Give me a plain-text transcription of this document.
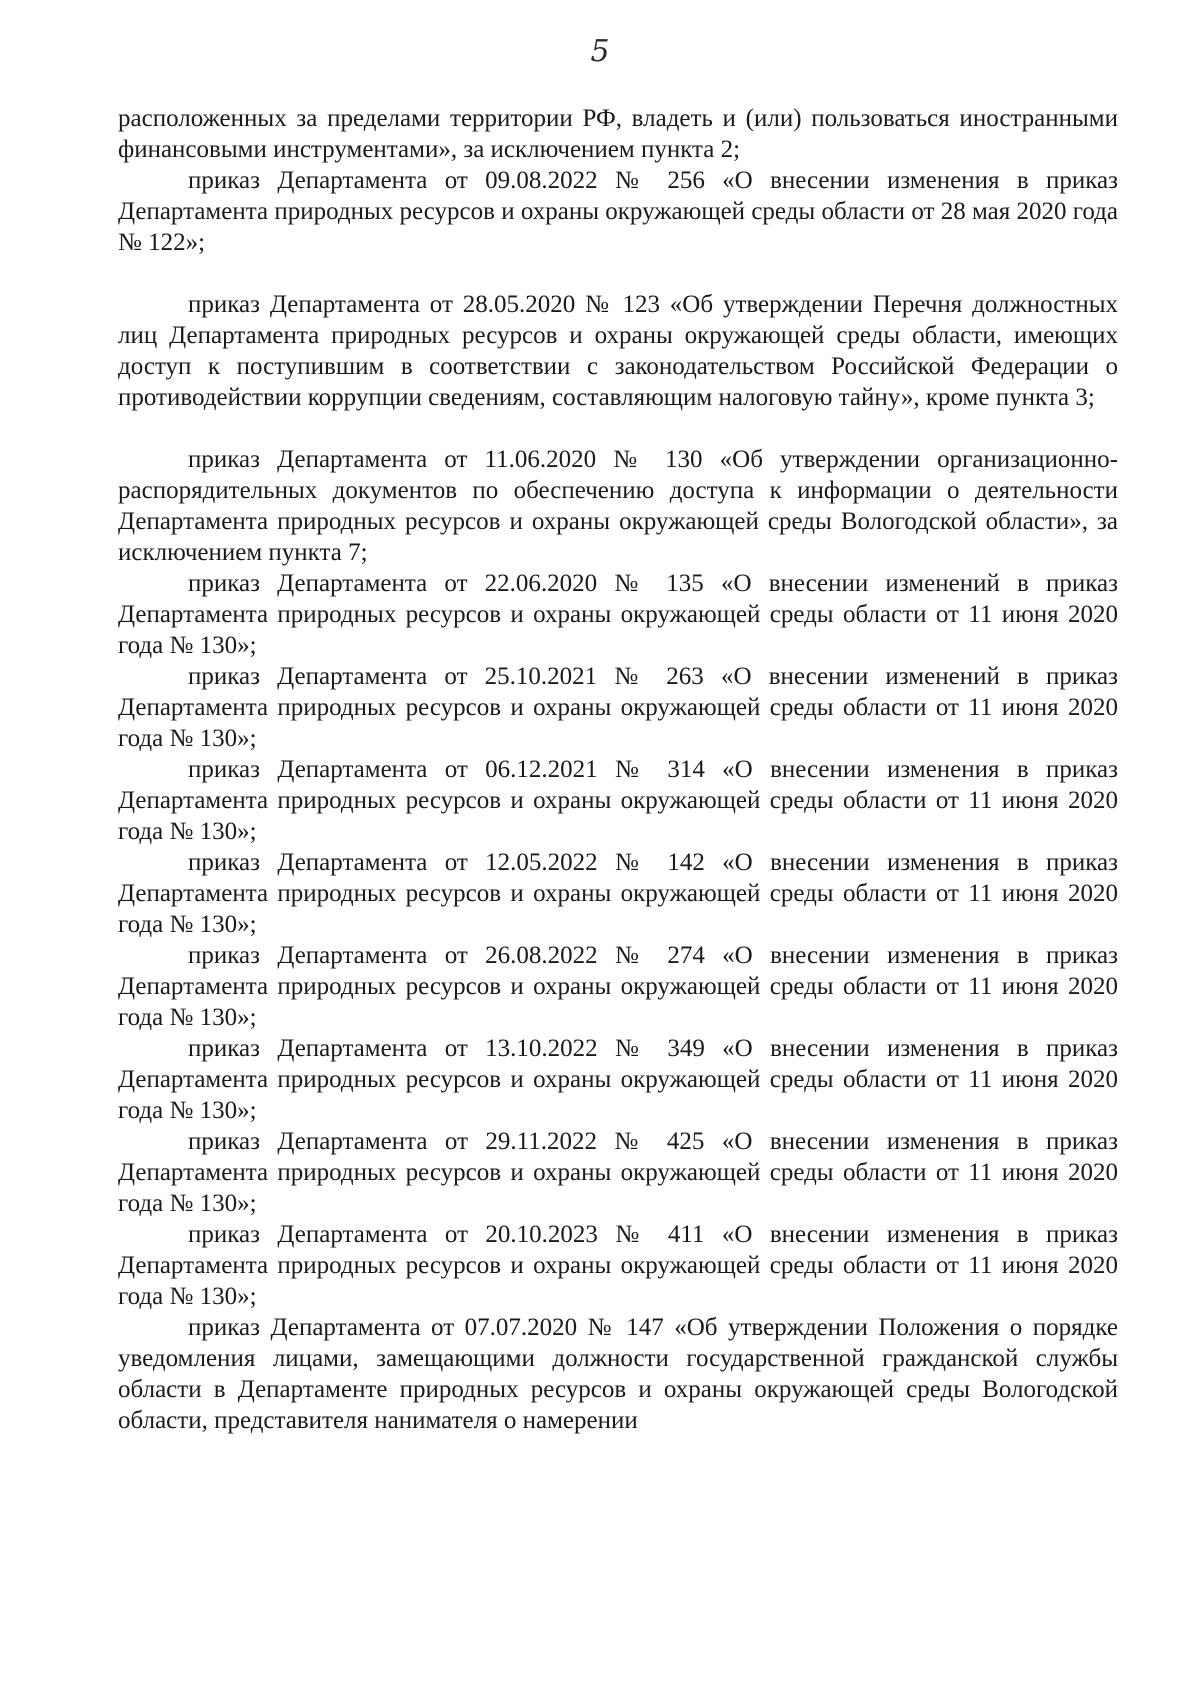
5

расположенных за пределами территории РФ, владеть и (или) пользоваться иностранными финансовыми инструментами», за исключением пункта 2;

приказ Департамента от 09.08.2022 № 256 «О внесении изменения в приказ Департамента природных ресурсов и охраны окружающей среды области от 28 мая 2020 года № 122»;

приказ Департамента от 28.05.2020 № 123 «Об утверждении Перечня должностных лиц Департамента природных ресурсов и охраны окружающей среды области, имеющих доступ к поступившим в соответствии с законодательством Российской Федерации о противодействии коррупции сведениям, составляющим налоговую тайну», кроме пункта 3;

приказ Департамента от 11.06.2020 № 130 «Об утверждении организационно-распорядительных документов по обеспечению доступа к информации о деятельности Департамента природных ресурсов и охраны окружающей среды Вологодской области», за исключением пункта 7;

приказ Департамента от 22.06.2020 № 135 «О внесении изменений в приказ Департамента природных ресурсов и охраны окружающей среды области от 11 июня 2020 года № 130»;

приказ Департамента от 25.10.2021 № 263 «О внесении изменений в приказ Департамента природных ресурсов и охраны окружающей среды области от 11 июня 2020 года № 130»;

приказ Департамента от 06.12.2021 № 314 «О внесении изменения в приказ Департамента природных ресурсов и охраны окружающей среды области от 11 июня 2020 года № 130»;

приказ Департамента от 12.05.2022 № 142 «О внесении изменения в приказ Департамента природных ресурсов и охраны окружающей среды области от 11 июня 2020 года № 130»;

приказ Департамента от 26.08.2022 № 274 «О внесении изменения в приказ Департамента природных ресурсов и охраны окружающей среды области от 11 июня 2020 года № 130»;

приказ Департамента от 13.10.2022 № 349 «О внесении изменения в приказ Департамента природных ресурсов и охраны окружающей среды области от 11 июня 2020 года № 130»;

приказ Департамента от 29.11.2022 № 425 «О внесении изменения в приказ Департамента природных ресурсов и охраны окружающей среды области от 11 июня 2020 года № 130»;

приказ Департамента от 20.10.2023 № 411 «О внесении изменения в приказ Департамента природных ресурсов и охраны окружающей среды области от 11 июня 2020 года № 130»;

приказ Департамента от 07.07.2020 № 147 «Об утверждении Положения о порядке уведомления лицами, замещающими должности государственной гражданской службы области в Департаменте природных ресурсов и охраны окружающей среды Вологодской области, представителя нанимателя о намерении
